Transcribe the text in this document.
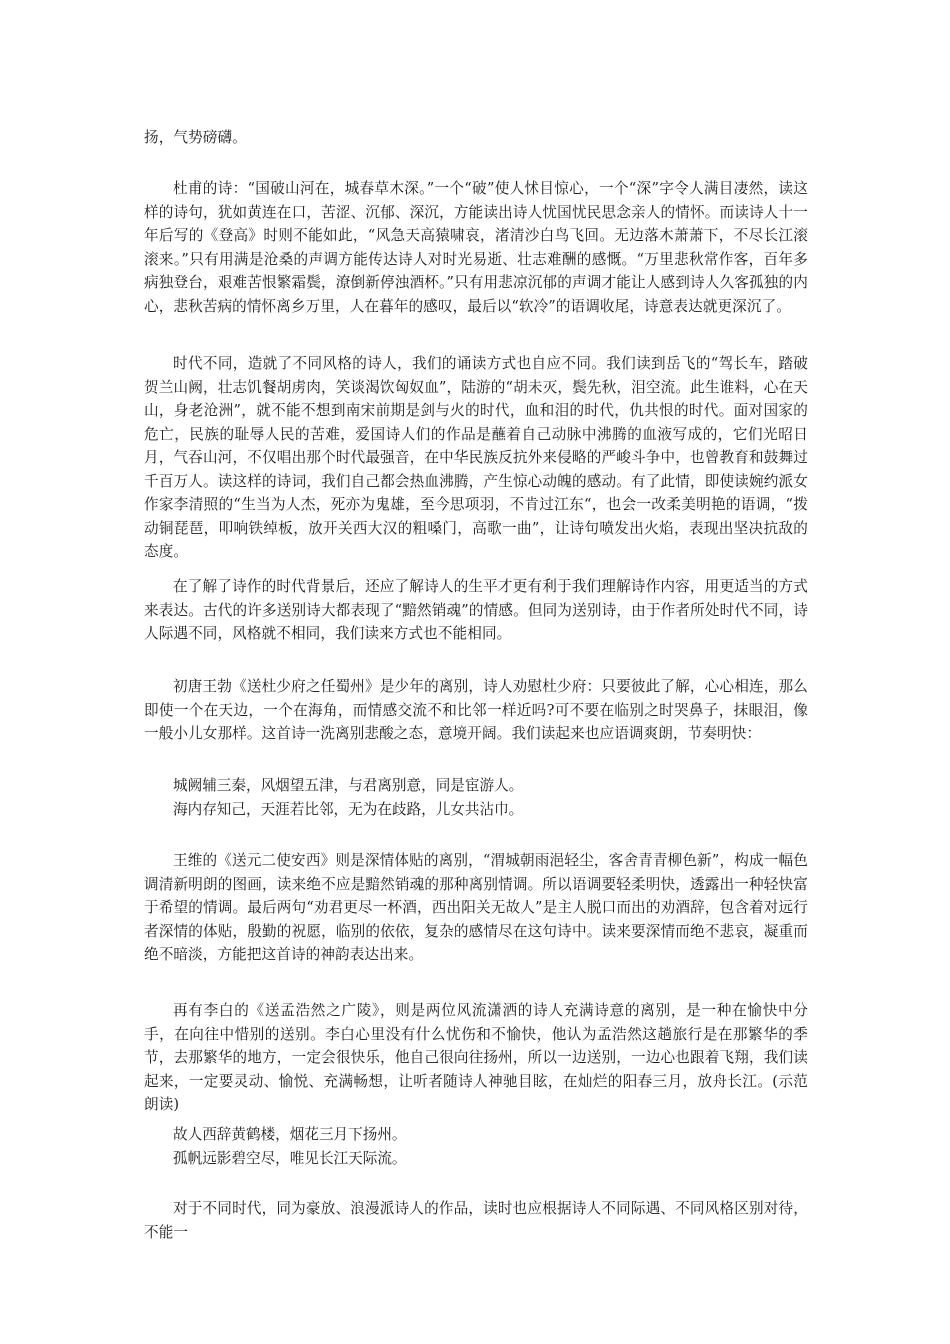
扬，气势磅礴。

杜甫的诗：“国破山河在，城春草木深。”一个“破”使人怵目惊心，一个“深”字令人满目凄然，读这样的诗句，犹如黄连在口，苦涩、沉郁、深沉，方能读出诗人忧国忧民思念亲人的情怀。而读诗人十一年后写的《登高》时则不能如此，“风急天高猿啸哀，渚清沙白鸟飞回。无边落木萧萧下，不尽长江滚滚来。”只有用满是沧桑的声调方能传达诗人对时光易逝、壮志难酬的感慨。“万里悲秋常作客，百年多病独登台，艰难苦恨繁霜鬓，潦倒新停浊酒杯。”只有用悲凉沉郁的声调才能让人感到诗人久客孤独的内心，悲秋苦病的情怀离乡万里，人在暮年的感叹，最后以“软冷”的语调收尾，诗意表达就更深沉了。

时代不同，造就了不同风格的诗人，我们的诵读方式也自应不同。我们读到岳飞的“驾长车，踏破贺兰山阙，壮志饥餐胡虏肉，笑谈渴饮匈奴血”，陆游的“胡未灭，鬓先秋，泪空流。此生谁料，心在天山，身老沧洲”，就不能不想到南宋前期是剑与火的时代，血和泪的时代，仇共恨的时代。面对国家的危亡，民族的耻辱人民的苦难，爱国诗人们的作品是蘸着自己动脉中沸腾的血液写成的，它们光昭日月，气吞山河，不仅唱出那个时代最强音，在中华民族反抗外来侵略的严峻斗争中，也曾教育和鼓舞过千百万人。读这样的诗词，我们自己都会热血沸腾，产生惊心动魄的感动。有了此情，即使读婉约派女作家李清照的“生当为人杰，死亦为鬼雄，至今思项羽，不肯过江东“，也会一改柔美明艳的语调，“拨动铜琵琶，叩响铁绰板，放开关西大汉的粗嗓门，高歌一曲”，让诗句喷发出火焰，表现出坚决抗敌的态度。

在了解了诗作的时代背景后，还应了解诗人的生平才更有利于我们理解诗作内容，用更适当的方式来表达。古代的许多送别诗大都表现了“黯然销魂”的情感。但同为送别诗，由于作者所处时代不同，诗人际遇不同，风格就不相同，我们读来方式也不能相同。

初唐王勃《送杜少府之任蜀州》是少年的离别，诗人劝慰杜少府：只要彼此了解，心心相连，那么即使一个在天边，一个在海角，而情感交流不和比邻一样近吗?可不要在临别之时哭鼻子，抹眼泪，像一般小儿女那样。这首诗一洗离别悲酸之态，意境开阔。我们读起来也应语调爽朗，节奏明快：

城阙辅三秦，风烟望五津，与君离别意，同是宦游人。
海内存知己，天涯若比邻，无为在歧路，儿女共沾巾。

王维的《送元二使安西》则是深情体贴的离别，“渭城朝雨浥轻尘，客舍青青柳色新”，构成一幅色调清新明朗的图画，读来绝不应是黯然销魂的那种离别情调。所以语调要轻柔明快，透露出一种轻快富于希望的情调。最后两句“劝君更尽一杯酒，西出阳关无故人”是主人脱口而出的劝酒辞，包含着对远行者深情的体贴，殷勤的祝愿，临别的依依，复杂的感情尽在这句诗中。读来要深情而绝不悲哀，凝重而绝不暗淡，方能把这首诗的神韵表达出来。

再有李白的《送孟浩然之广陵》，则是两位风流潇洒的诗人充满诗意的离别，是一种在愉快中分手，在向往中惜别的送别。李白心里没有什么忧伤和不愉快，他认为孟浩然这趟旅行是在那繁华的季节，去那繁华的地方，一定会很快乐，他自己很向往扬州，所以一边送别，一边心也跟着飞翔，我们读起来，一定要灵动、愉悦、充满畅想，让听者随诗人神驰目眩，在灿烂的阳春三月，放舟长江。(示范朗读)

故人西辞黄鹤楼，烟花三月下扬州。
孤帆远影碧空尽，唯见长江天际流。

对于不同时代，同为豪放、浪漫派诗人的作品，读时也应根据诗人不同际遇、不同风格区别对待，不能一
